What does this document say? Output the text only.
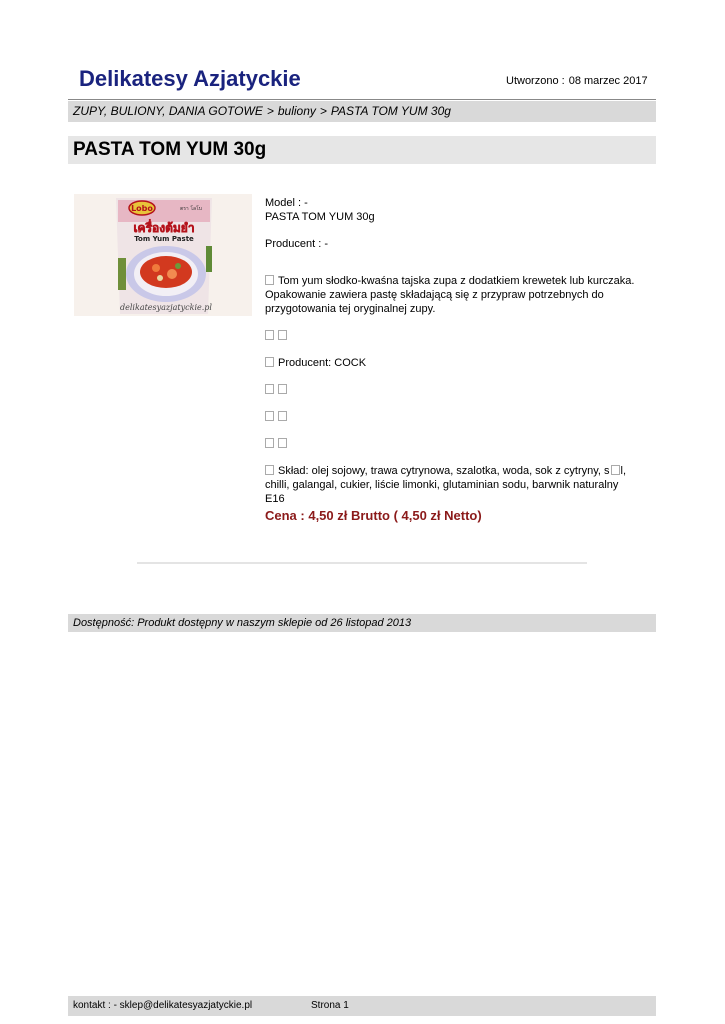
Delikatesy Azjatyckie	Utworzono : 08 marzec 2017
ZUPY, BULIONY, DANIA GOTOWE > buliony > PASTA TOM YUM 30g
PASTA TOM YUM 30g
Lobo	ตรา โลโบ
เครื่องต้มยำ
Tom Yum Paste
delikatesyazjatyckie.pl

Model : -

PASTA TOM YUM 30g

Producent : -

Tom yum słodko-kwaśna tajska zupa z dodatkiem krewetek lub kurczaka. Opakowanie zawiera pastę składającą się z przypraw potrzebnych do przygotowania tej oryginalnej zupy.

Producent: COCK

Skład: olej sojowy, trawa cytrynowa, szalotka, woda, sok z cytryny, s l, chilli, galangal, cukier, liście limonki, glutaminian sodu, barwnik naturalny E16

Cena : 4,50 zł Brutto ( 4,50 zł Netto)

Dostępność: Produkt dostępny w naszym sklepie od 26 listopad 2013
kontakt : - sklep@delikatesyazjatyckie.pl	Strona 1
